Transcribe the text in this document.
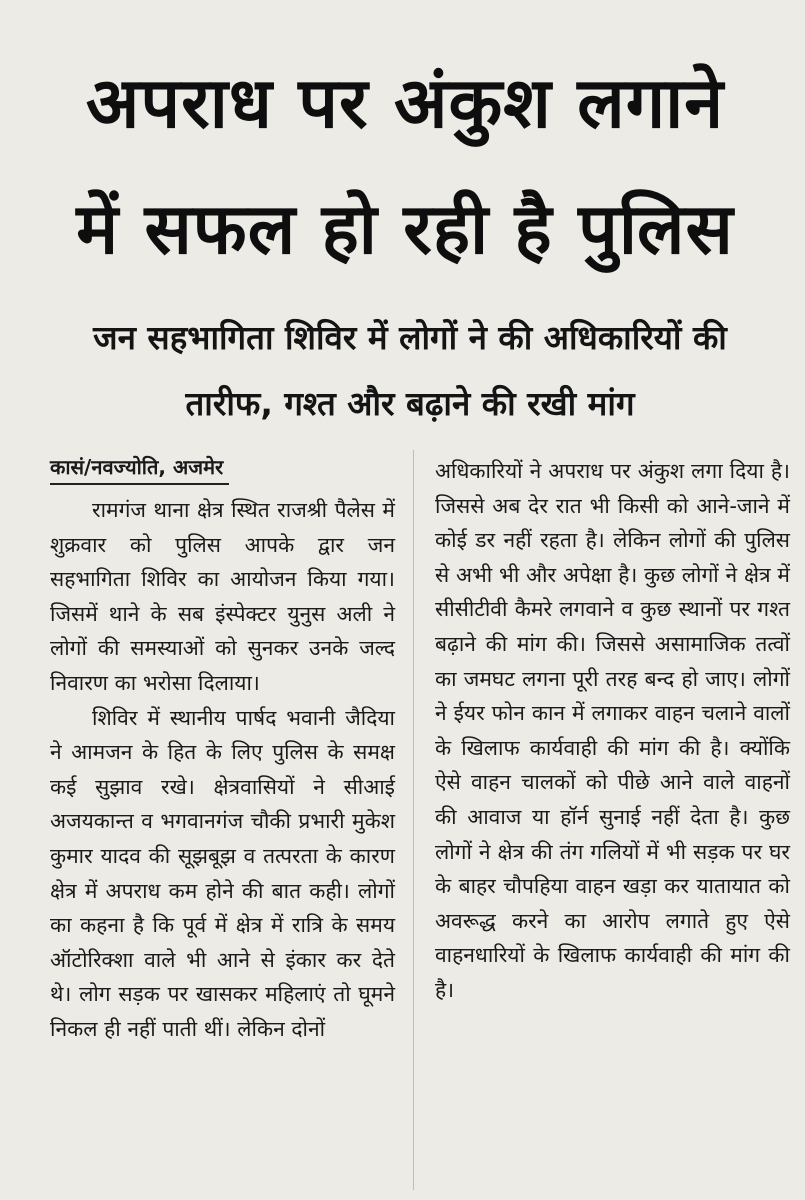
अपराध पर अंकुश लगाने
में सफल हो रही है पुलिस
जन सहभागिता शिविर में लोगों ने की अधिकारियों की
तारीफ, गश्त और बढ़ाने की रखी मांग
कासं/नवज्योति, अजमेर
रामगंज थाना क्षेत्र स्थित राजश्री पैलेस में शुक्रवार को पुलिस आपके द्वार जन सहभागिता शिविर का आयोजन किया गया। जिसमें थाने के सब इंस्पेक्टर युनुस अली ने लोगों की समस्याओं को सुनकर उनके जल्द निवारण का भरोसा दिलाया।
शिविर में स्थानीय पार्षद भवानी जैदिया ने आमजन के हित के लिए पुलिस के समक्ष कई सुझाव रखे। क्षेत्रवासियों ने सीआई अजयकान्त व भगवानगंज चौकी प्रभारी मुकेश कुमार यादव की सूझबूझ व तत्परता के कारण क्षेत्र में अपराध कम होने की बात कही। लोगों का कहना है कि पूर्व में क्षेत्र में रात्रि के समय ऑटोरिक्शा वाले भी आने से इंकार कर देते थे। लोग सड़क पर खासकर महिलाएं तो घूमने निकल ही नहीं पाती थीं। लेकिन दोनों
अधिकारियों ने अपराध पर अंकुश लगा दिया है। जिससे अब देर रात भी किसी को आने-जाने में कोई डर नहीं रहता है। लेकिन लोगों की पुलिस से अभी भी और अपेक्षा है। कुछ लोगों ने क्षेत्र में सीसीटीवी कैमरे लगवाने व कुछ स्थानों पर गश्त बढ़ाने की मांग की। जिससे असामाजिक तत्वों का जमघट लगना पूरी तरह बन्द हो जाए। लोगों ने ईयर फोन कान में लगाकर वाहन चलाने वालों के खिलाफ कार्यवाही की मांग की है। क्योंकि ऐसे वाहन चालकों को पीछे आने वाले वाहनों की आवाज या हॉर्न सुनाई नहीं देता है। कुछ लोगों ने क्षेत्र की तंग गलियों में भी सड़क पर घर के बाहर चौपहिया वाहन खड़ा कर यातायात को अवरूद्ध करने का आरोप लगाते हुए ऐसे वाहनधारियों के खिलाफ कार्यवाही की मांग की है।
